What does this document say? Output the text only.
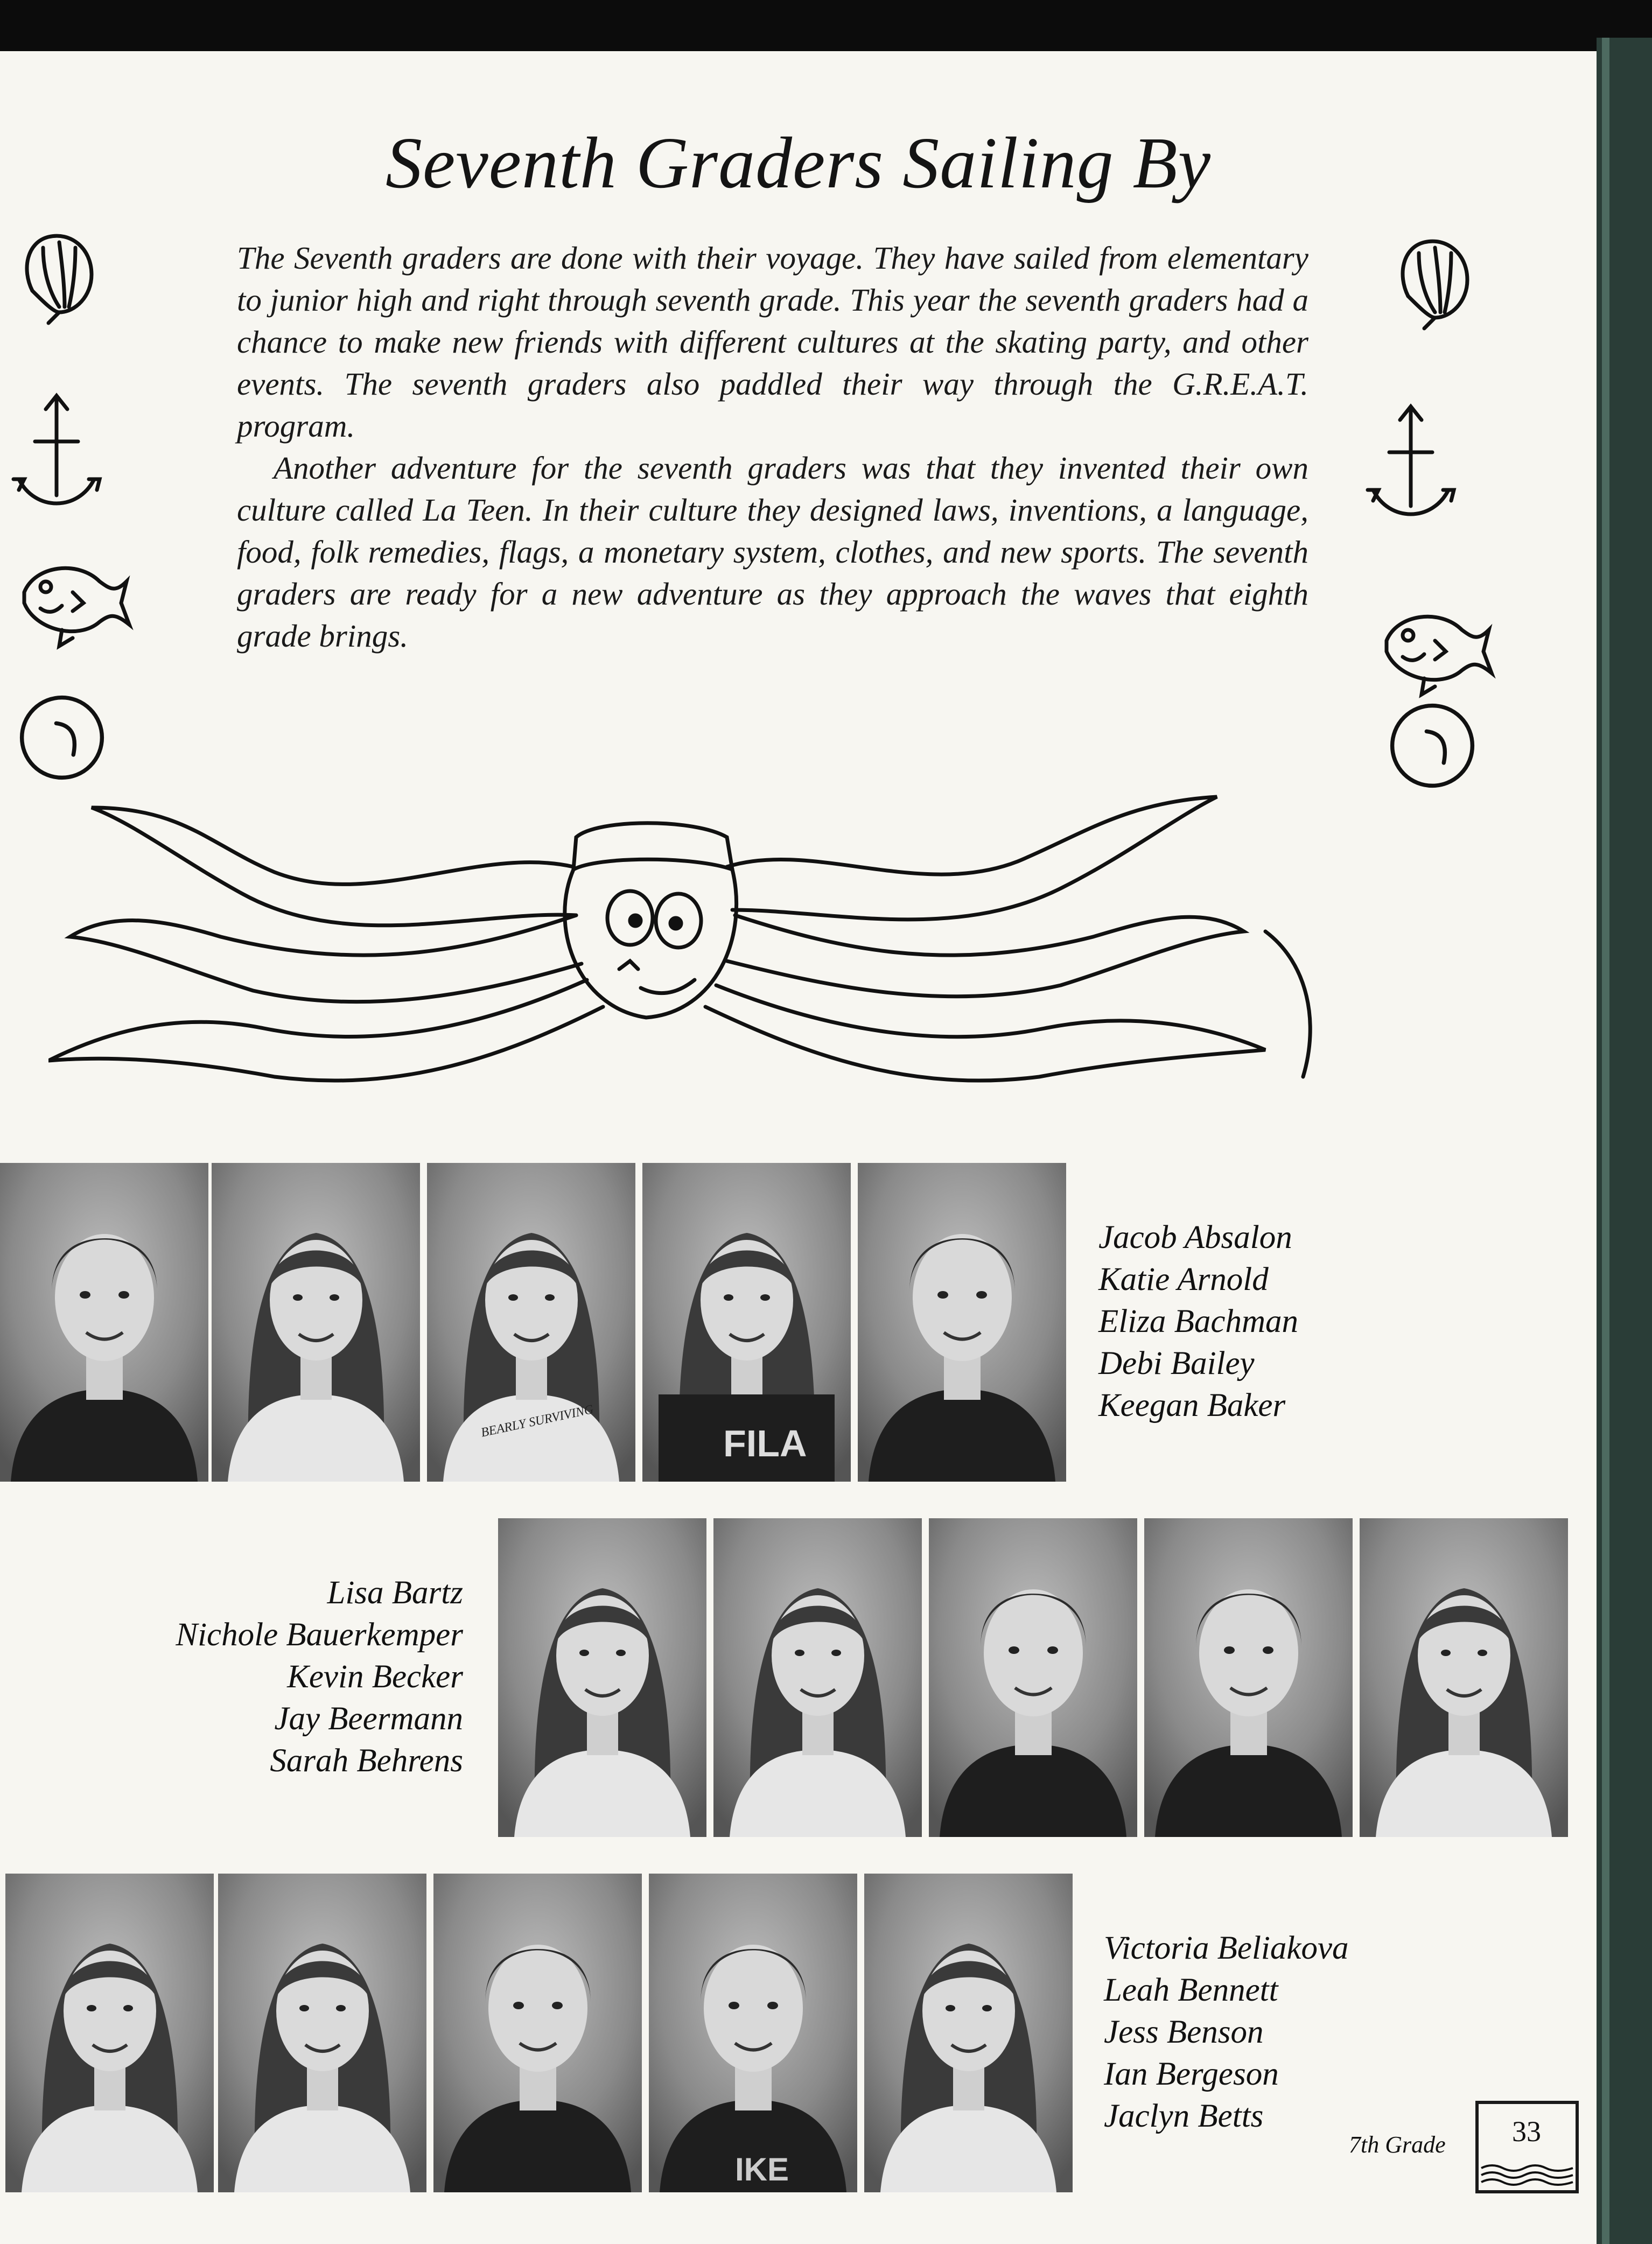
Seventh Graders Sailing By

The Seventh graders are done with their voyage. They have sailed from elementary to junior high and right through seventh grade. This year the seventh graders had a chance to make new friends with different cultures at the skating party, and other events. The seventh graders also paddled their way through the G.R.E.A.T. program.

Another adventure for the seventh graders was that they invented their own culture called La Teen. In their culture they designed laws, inventions, a language, food, folk remedies, flags, a monetary system, clothes, and new sports. The seventh graders are ready for a new adventure as they approach the waves that eighth grade brings.

BEARLY SURVIVING
FILA
Jacob Absalon
Katie Arnold
Eliza Bachman
Debi Bailey
Keegan Baker
Lisa Bartz
Nichole Bauerkemper
Kevin Becker
Jay Beermann
Sarah Behrens
IKE
Victoria Beliakova
Leah Bennett
Jess Benson
Ian Bergeson
Jaclyn Betts
7th Grade	33
